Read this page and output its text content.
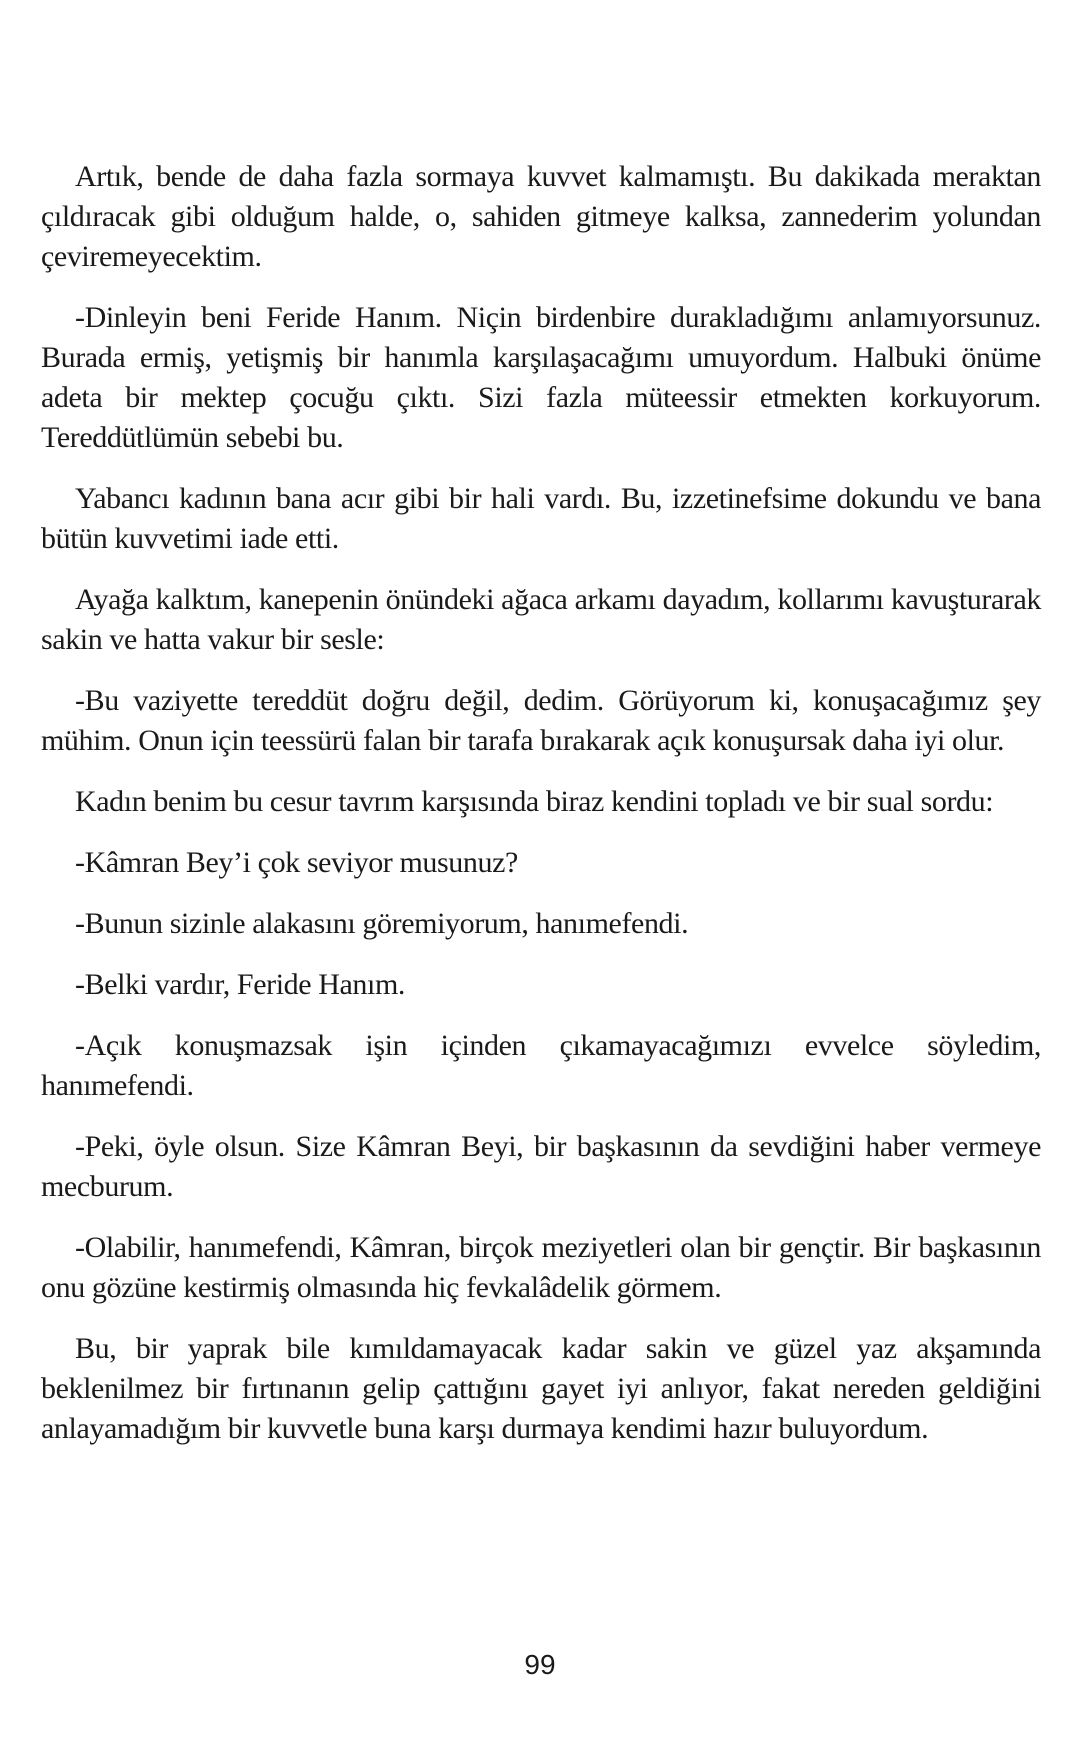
Artık, bende de daha fazla sormaya kuvvet kalmamıştı. Bu dakikada meraktan çıldıracak gibi olduğum halde, o, sahiden gitmeye kalksa, zannederim yolundan çeviremeyecektim.

-Dinleyin beni Feride Hanım. Niçin birdenbire durakladığımı anlamıyorsunuz. Burada ermiş, yetişmiş bir hanımla karşılaşacağımı umuyordum. Halbuki önüme adeta bir mektep çocuğu çıktı. Sizi fazla müteessir etmekten korkuyorum. Tereddütlümün sebebi bu.

Yabancı kadının bana acır gibi bir hali vardı. Bu, izzetinefsime dokundu ve bana bütün kuvvetimi iade etti.

Ayağa kalktım, kanepenin önündeki ağaca arkamı dayadım, kollarımı kavuşturarak sakin ve hatta vakur bir sesle:

-Bu vaziyette tereddüt doğru değil, dedim. Görüyorum ki, konuşacağımız şey mühim. Onun için teessürü falan bir tarafa bırakarak açık konuşursak daha iyi olur.

Kadın benim bu cesur tavrım karşısında biraz kendini topladı ve bir sual sordu:

-Kâmran Bey’i çok seviyor musunuz?

-Bunun sizinle alakasını göremiyorum, hanımefendi.

-Belki vardır, Feride Hanım.

-Açık konuşmazsak işin içinden çıkamayacağımızı evvelce söyledim, hanımefendi.

-Peki, öyle olsun. Size Kâmran Beyi, bir başkasının da sevdiğini haber vermeye mecburum.

-Olabilir, hanımefendi, Kâmran, birçok meziyetleri olan bir gençtir. Bir başkasının onu gözüne kestirmiş olmasında hiç fevkalâdelik görmem.

Bu, bir yaprak bile kımıldamayacak kadar sakin ve güzel yaz akşamında beklenilmez bir fırtınanın gelip çattığını gayet iyi anlıyor, fakat nereden geldiğini anlayamadığım bir kuvvetle buna karşı durmaya kendimi hazır buluyordum.

99
